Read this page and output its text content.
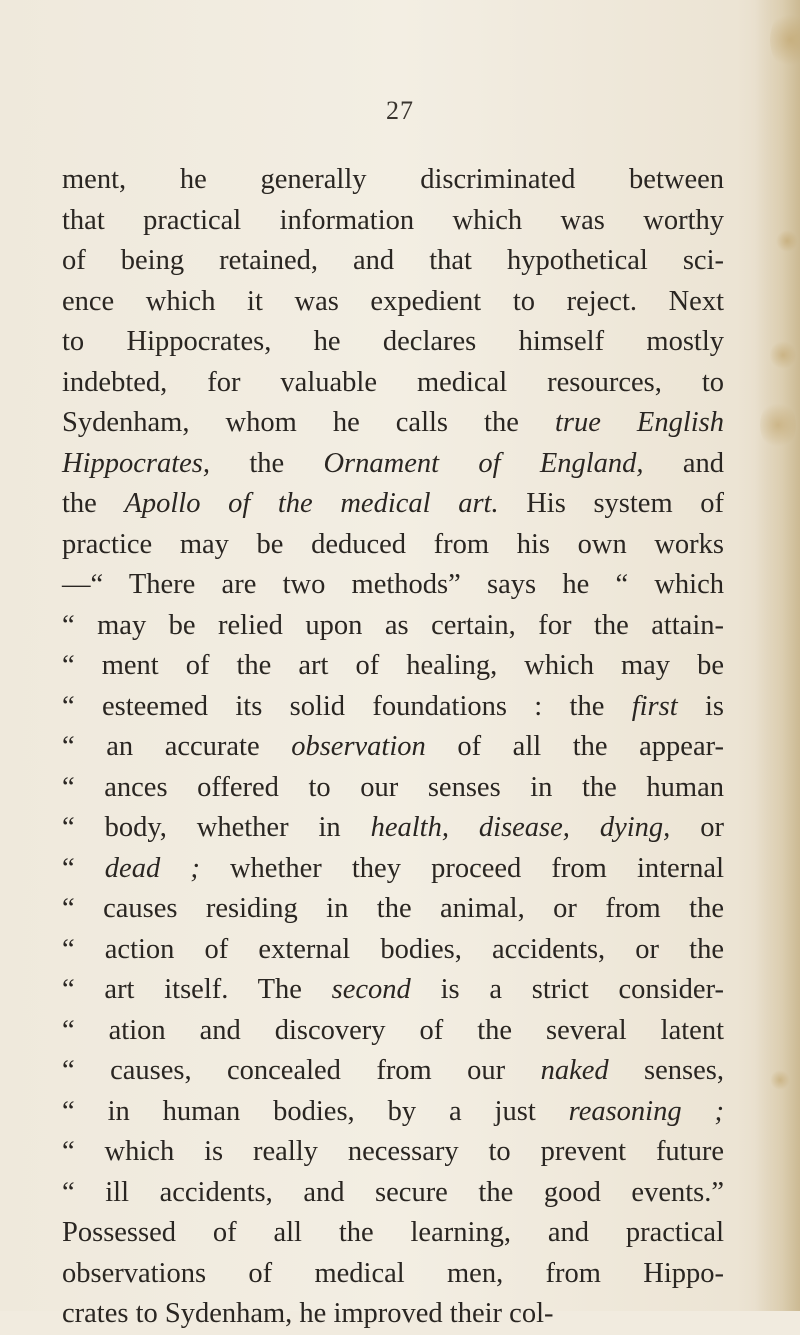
27
ment, he generally discriminated between
that practical information which was worthy
of being retained, and that hypothetical sci-
ence which it was expedient to reject. Next
to Hippocrates, he declares himself mostly
indebted, for valuable medical resources, to
Sydenham, whom he calls the true English
Hippocrates, the Ornament of England, and
the Apollo of the medical art. His system of
practice may be deduced from his own works
—“ There are two methods” says he “ which
“ may be relied upon as certain, for the attain-
“ ment of the art of healing, which may be
“ esteemed its solid foundations : the first is
“ an accurate observation of all the appear-
“ ances offered to our senses in the human
“ body, whether in health, disease, dying, or
“ dead ; whether they proceed from internal
“ causes residing in the animal, or from the
“ action of external bodies, accidents, or the
“ art itself. The second is a strict consider-
“ ation and discovery of the several latent
“ causes, concealed from our naked senses,
“ in human bodies, by a just reasoning ;
“ which is really necessary to prevent future
“ ill accidents, and secure the good events.”
Possessed of all the learning, and practical
observations of medical men, from Hippo-
crates to Sydenham, he improved their col-
